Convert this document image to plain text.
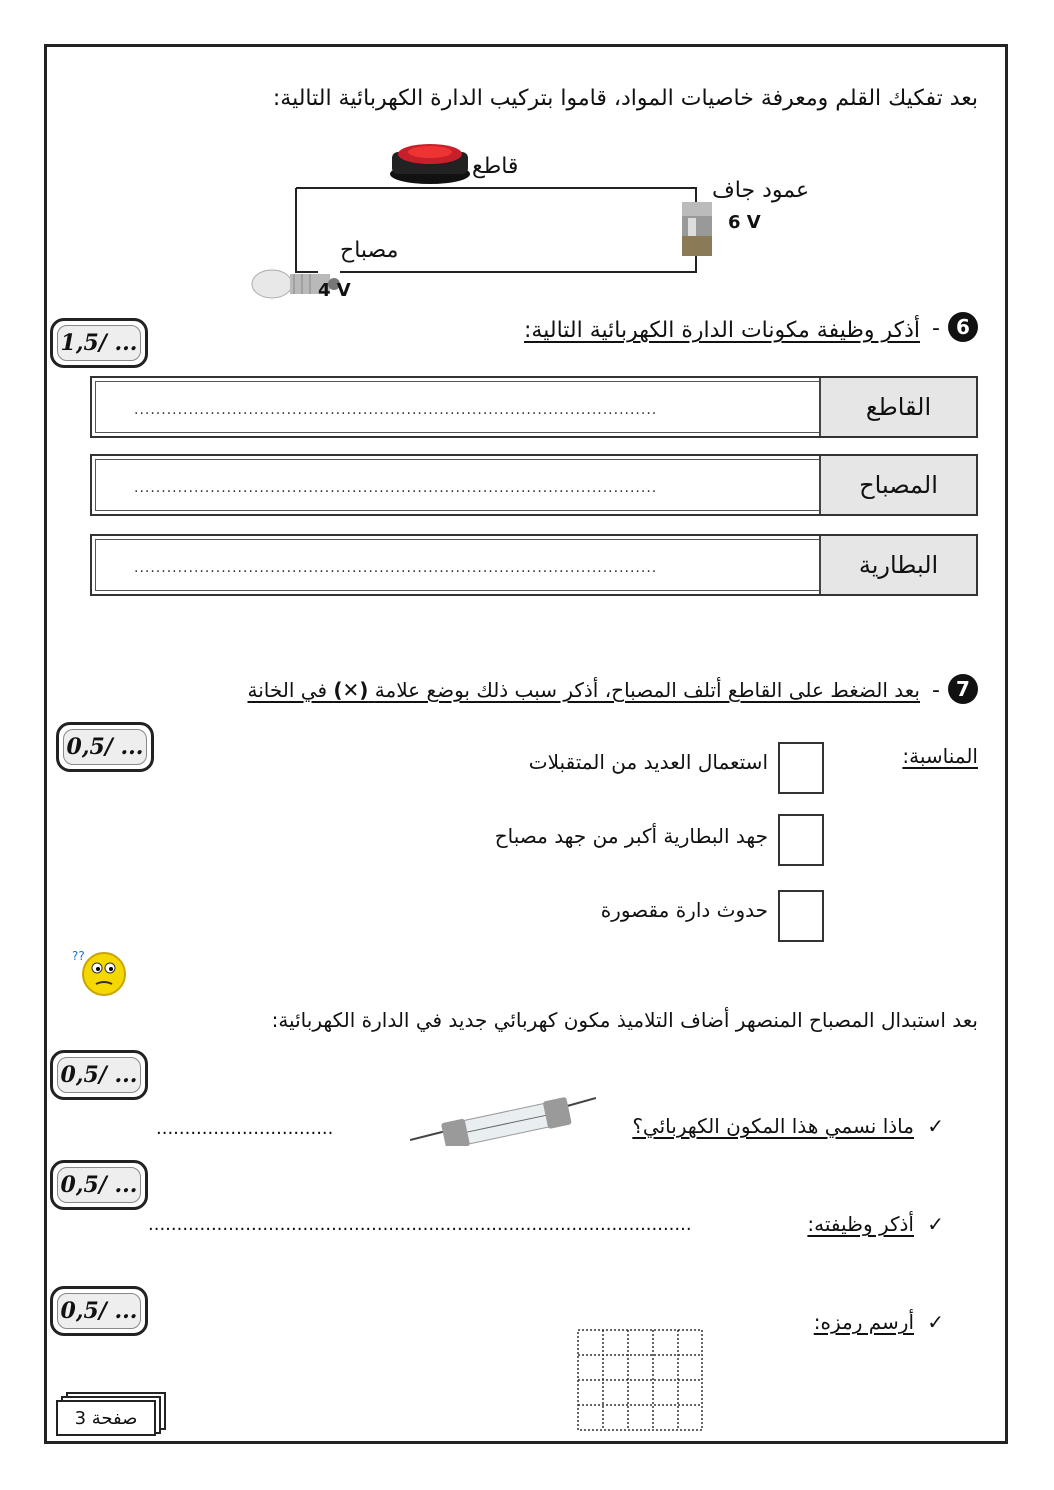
بعد تفكيك القلم ومعرفة خاصيات المواد، قاموا بتركيب الدارة الكهربائية التالية:
قاطع
عمود جاف
6 V
مصباح
4 V
1,5/ ...
6
-
أذكر وظيفة مكونات الدارة الكهربائية التالية:
القاطع
................................................................................................
المصباح
................................................................................................
البطارية
................................................................................................
7
-
بعد الضغط على القاطع أتلف المصباح، أذكر سبب ذلك بوضع علامة (✕) في الخانة
المناسبة:
0,5/ ...
استعمال العديد من المتقبلات
جهد البطارية أكبر من جهد مصباح
حدوث دارة مقصورة
??
بعد استبدال المصباح المنصهر أضاف التلاميذ مكون كهربائي جديد في الدارة الكهربائية:
0,5/ ...
✓
ماذا نسمي هذا المكون الكهربائي؟
...............................
0,5/ ...
✓
أذكر وظيفته:
...............................................................................................
0,5/ ...	✓
أرسم رمزه:
صفحة 3
